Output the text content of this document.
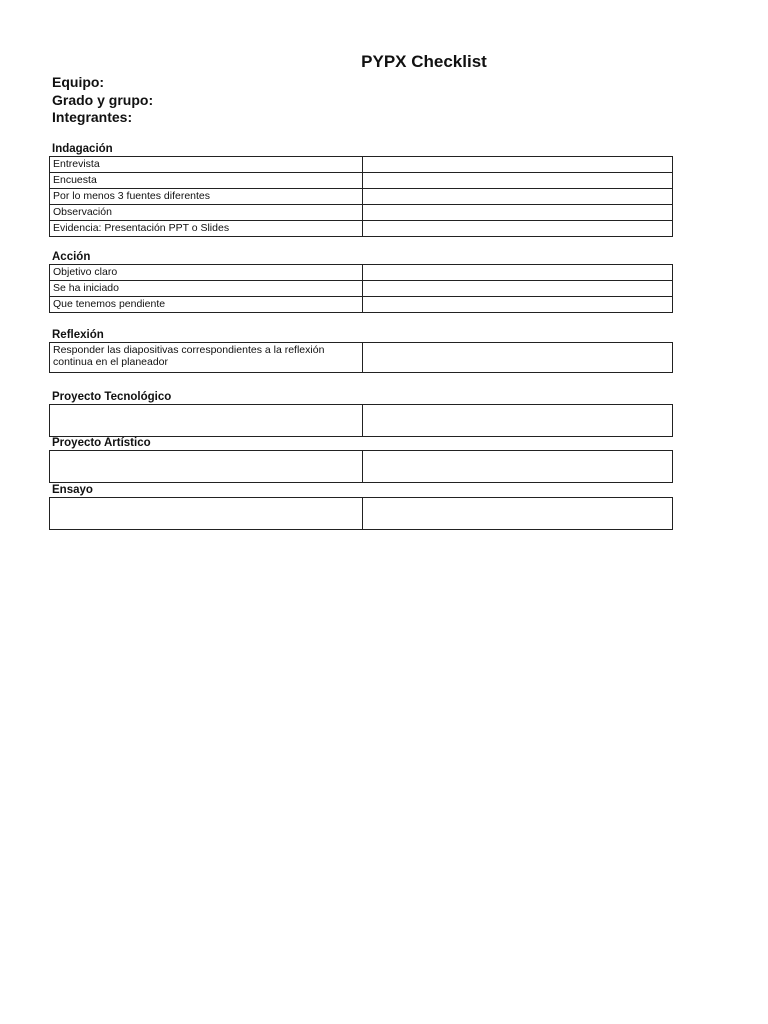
PYPX Checklist
Equipo:
Grado y grupo:
Integrantes:
Indagación
Entrevista	
Encuesta	
Por lo menos 3 fuentes diferentes	
Observación	
Evidencia: Presentación PPT o Slides	
Acción
Objetivo claro	
Se ha iniciado	
Que tenemos pendiente	
Reflexión
Responder las diapositivas correspondientes a la reflexión continua en el planeador	
Proyecto Tecnológico

Proyecto Artístico

Ensayo
